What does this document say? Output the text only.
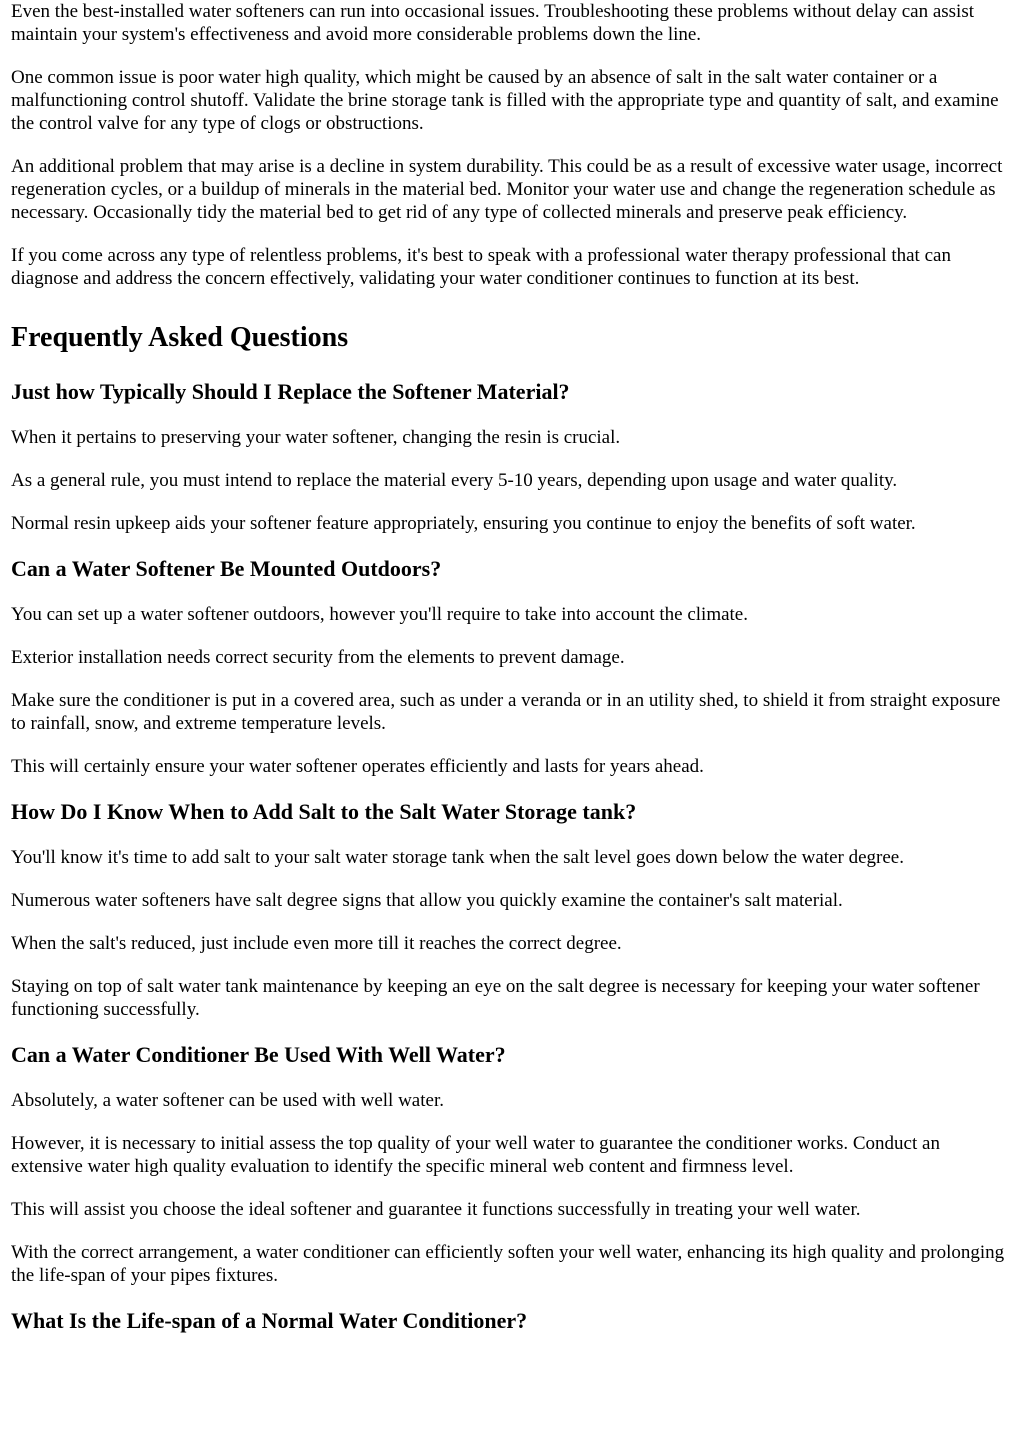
Even the best-installed water softeners can run into occasional issues. Troubleshooting these problems without delay can assist maintain your system's effectiveness and avoid more considerable problems down the line.

One common issue is poor water high quality, which might be caused by an absence of salt in the salt water container or a malfunctioning control shutoff. Validate the brine storage tank is filled with the appropriate type and quantity of salt, and examine the control valve for any type of clogs or obstructions.

An additional problem that may arise is a decline in system durability. This could be as a result of excessive water usage, incorrect regeneration cycles, or a buildup of minerals in the material bed. Monitor your water use and change the regeneration schedule as necessary. Occasionally tidy the material bed to get rid of any type of collected minerals and preserve peak efficiency.

If you come across any type of relentless problems, it's best to speak with a professional water therapy professional that can diagnose and address the concern effectively, validating your water conditioner continues to function at its best.

Frequently Asked Questions
Just how Typically Should I Replace the Softener Material?

When it pertains to preserving your water softener, changing the resin is crucial.

As a general rule, you must intend to replace the material every 5-10 years, depending upon usage and water quality.

Normal resin upkeep aids your softener feature appropriately, ensuring you continue to enjoy the benefits of soft water.

Can a Water Softener Be Mounted Outdoors?

You can set up a water softener outdoors, however you'll require to take into account the climate.

Exterior installation needs correct security from the elements to prevent damage.

Make sure the conditioner is put in a covered area, such as under a veranda or in an utility shed, to shield it from straight exposure to rainfall, snow, and extreme temperature levels.

This will certainly ensure your water softener operates efficiently and lasts for years ahead.

How Do I Know When to Add Salt to the Salt Water Storage tank?

You'll know it's time to add salt to your salt water storage tank when the salt level goes down below the water degree.

Numerous water softeners have salt degree signs that allow you quickly examine the container's salt material.

When the salt's reduced, just include even more till it reaches the correct degree.

Staying on top of salt water tank maintenance by keeping an eye on the salt degree is necessary for keeping your water softener functioning successfully.

Can a Water Conditioner Be Used With Well Water?

Absolutely, a water softener can be used with well water.

However, it is necessary to initial assess the top quality of your well water to guarantee the conditioner works. Conduct an extensive water high quality evaluation to identify the specific mineral web content and firmness level.

This will assist you choose the ideal softener and guarantee it functions successfully in treating your well water.

With the correct arrangement, a water conditioner can efficiently soften your well water, enhancing its high quality and prolonging the life-span of your pipes fixtures.

What Is the Life-span of a Normal Water Conditioner?
